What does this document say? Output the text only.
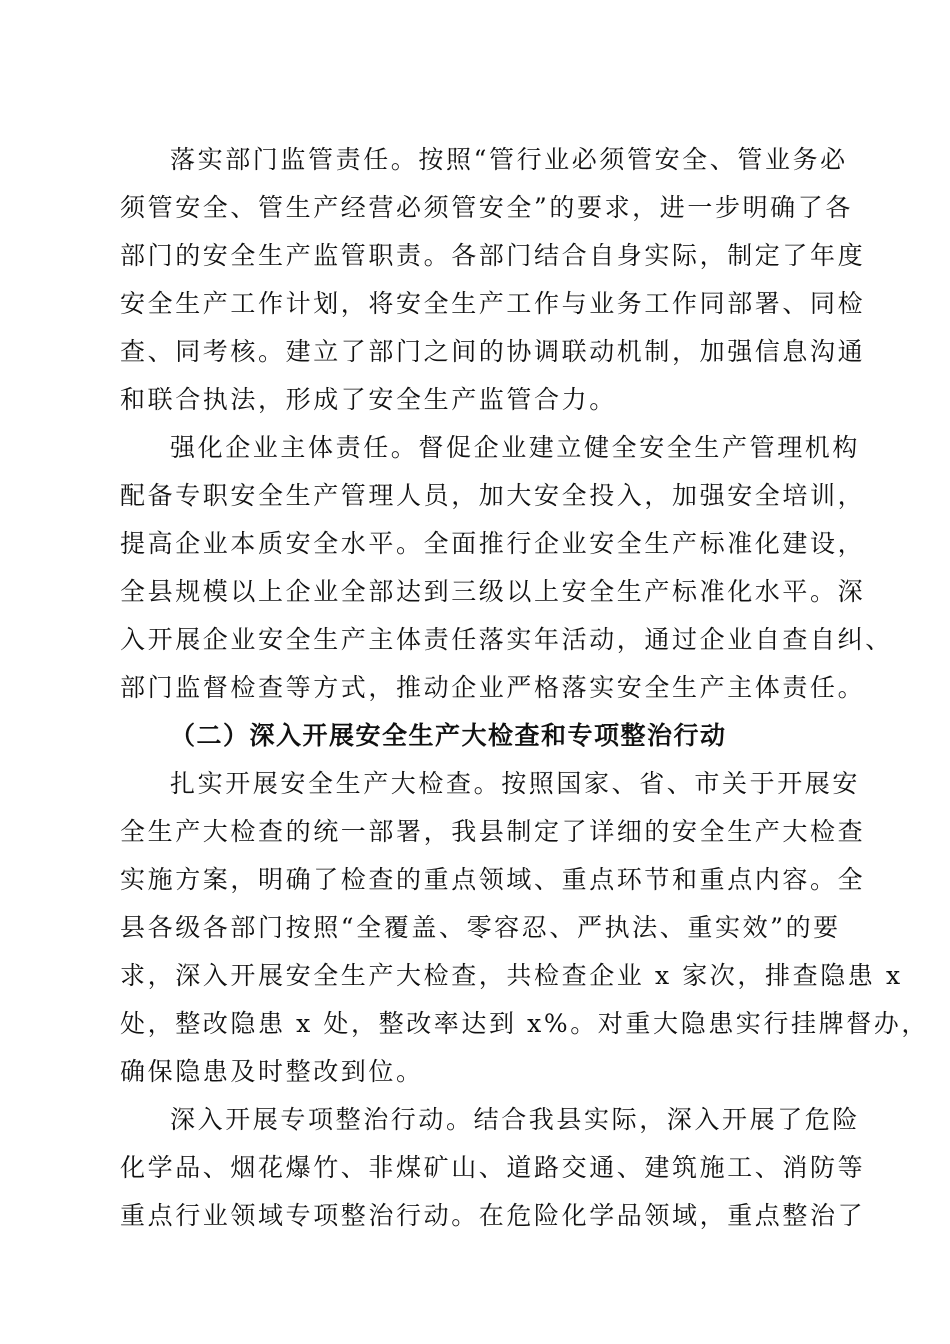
落实部门监管责任。按照“管行业必须管安全、管业务必
须管安全、管生产经营必须管安全”的要求，进一步明确了各
部门的安全生产监管职责。各部门结合自身实际，制定了年度
安全生产工作计划，将安全生产工作与业务工作同部署、同检
查、同考核。建立了部门之间的协调联动机制，加强信息沟通
和联合执法，形成了安全生产监管合力。
强化企业主体责任。督促企业建立健全安全生产管理机构
配备专职安全生产管理人员，加大安全投入，加强安全培训，
提高企业本质安全水平。全面推行企业安全生产标准化建设，
全县规模以上企业全部达到三级以上安全生产标准化水平。深
入开展企业安全生产主体责任落实年活动，通过企业自查自纠、
部门监督检查等方式，推动企业严格落实安全生产主体责任。
（二）深入开展安全生产大检查和专项整治行动
扎实开展安全生产大检查。按照国家、省、市关于开展安
全生产大检查的统一部署，我县制定了详细的安全生产大检查
实施方案，明确了检查的重点领域、重点环节和重点内容。全
县各级各部门按照“全覆盖、零容忍、严执法、重实效”的要
求，深入开展安全生产大检查，共检查企业 x 家次，排查隐患 x
处，整改隐患 x 处，整改率达到 x%。对重大隐患实行挂牌督办，
确保隐患及时整改到位。
深入开展专项整治行动。结合我县实际，深入开展了危险
化学品、烟花爆竹、非煤矿山、道路交通、建筑施工、消防等
重点行业领域专项整治行动。在危险化学品领域，重点整治了
